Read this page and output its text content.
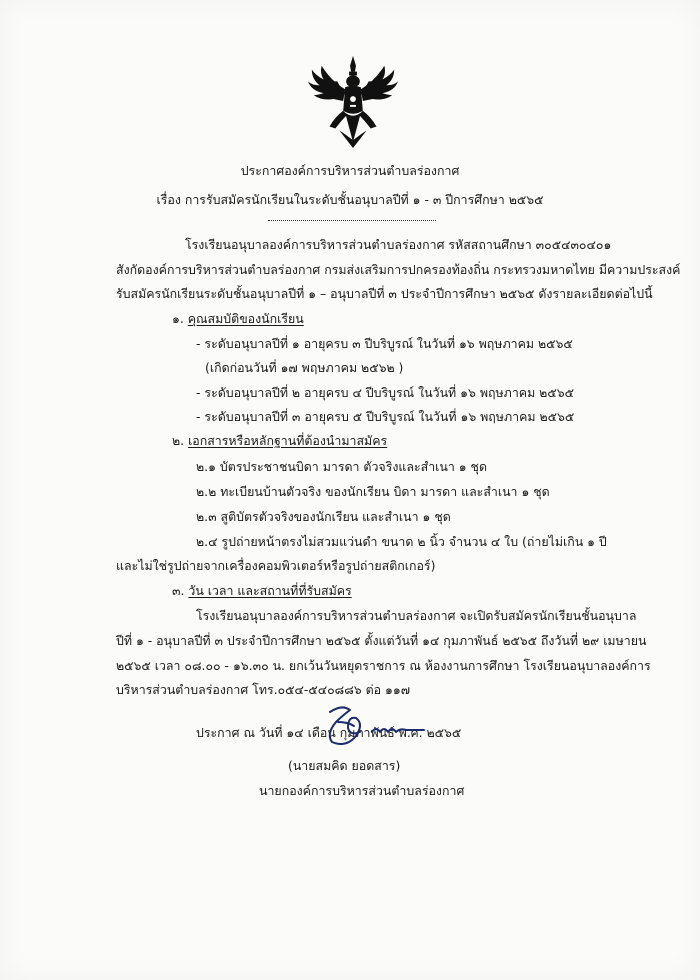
ประกาศองค์การบริหารส่วนตำบลร่องกาศ
เรื่อง การรับสมัครนักเรียนในระดับชั้นอนุบาลปีที่ ๑ - ๓ ปีการศึกษา ๒๕๖๕
โรงเรียนอนุบาลองค์การบริหารส่วนตำบลร่องกาศ รหัสสถานศึกษา ๓๐๕๔๓๐๔๐๑
สังกัดองค์การบริหารส่วนตำบลร่องกาศ กรมส่งเสริมการปกครองท้องถิ่น กระทรวงมหาดไทย มีความประสงค์
รับสมัครนักเรียนระดับชั้นอนุบาลปีที่ ๑ – อนุบาลปีที่ ๓ ประจำปีการศึกษา ๒๕๖๕ ดังรายละเอียดต่อไปนี้
๑. คุณสมบัติของนักเรียน
- ระดับอนุบาลปีที่ ๑ อายุครบ ๓ ปีบริบูรณ์ ในวันที่ ๑๖ พฤษภาคม ๒๕๖๕
(เกิดก่อนวันที่ ๑๗ พฤษภาคม ๒๕๖๒ )
- ระดับอนุบาลปีที่ ๒ อายุครบ ๔ ปีบริบูรณ์ ในวันที่ ๑๖ พฤษภาคม ๒๕๖๕
- ระดับอนุบาลปีที่ ๓ อายุครบ ๕ ปีบริบูรณ์ ในวันที่ ๑๖ พฤษภาคม ๒๕๖๕
๒. เอกสารหรือหลักฐานที่ต้องนำมาสมัคร
๒.๑ บัตรประชาชนบิดา มารดา ตัวจริงและสำเนา ๑ ชุด
๒.๒ ทะเบียนบ้านตัวจริง ของนักเรียน บิดา มารดา และสำเนา ๑ ชุด
๒.๓ สูติบัตรตัวจริงของนักเรียน และสำเนา ๑ ชุด
๒.๔ รูปถ่ายหน้าตรงไม่สวมแว่นดำ ขนาด ๒ นิ้ว จำนวน ๔ ใบ (ถ่ายไม่เกิน ๑ ปี
และไม่ใช่รูปถ่ายจากเครื่องคอมพิวเตอร์หรือรูปถ่ายสติกเกอร์)
๓. วัน เวลา และสถานที่ที่รับสมัคร
โรงเรียนอนุบาลองค์การบริหารส่วนตำบลร่องกาศ จะเปิดรับสมัครนักเรียนชั้นอนุบาล
ปีที่ ๑ - อนุบาลปีที่ ๓ ประจำปีการศึกษา ๒๕๖๕ ตั้งแต่วันที่ ๑๔ กุมภาพันธ์ ๒๕๖๕ ถึงวันที่ ๒๙ เมษายน
๒๕๖๕ เวลา ๐๘.๐๐ - ๑๖.๓๐ น. ยกเว้นวันหยุดราชการ ณ ห้องงานการศึกษา โรงเรียนอนุบาลองค์การ
บริหารส่วนตำบลร่องกาศ โทร.๐๕๔-๕๔๐๘๘๖ ต่อ ๑๑๗
ประกาศ ณ วันที่ ๑๔ เดือน กุมภาพันธ์ พ.ศ. ๒๕๖๕
(นายสมคิด ยอดสาร)
นายกองค์การบริหารส่วนตำบลร่องกาศ
